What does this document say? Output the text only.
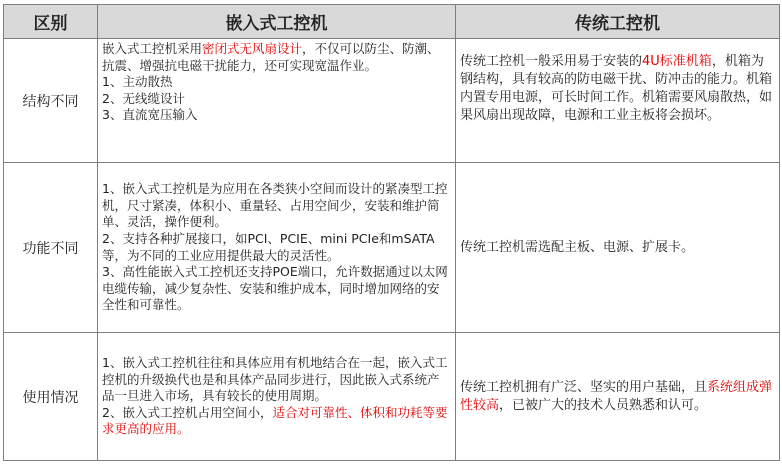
区别	嵌入式工控机	传统工控机
结构不同	嵌入式工控机采用密闭式无风扇设计，不仅可以防尘、防潮、抗震、增强抗电磁干扰能力，还可实现宽温作业。

1、主动散热

2、无线缆设计

3、直流宽压输入	传统工控机一般采用易于安装的4U标准机箱，机箱为钢结构，具有较高的防电磁干扰、防冲击的能力。机箱内置专用电源，可长时间工作。机箱需要风扇散热，如果风扇出现故障，电源和工业主板将会损坏。

功能不同	1、嵌入式工控机是为应用在各类狭小空间而设计的紧凑型工控机，尺寸紧凑，体积小、重量轻、占用空间少，安装和维护简单、灵活，操作便利。

2、支持各种扩展接口，如PCI、PCIE、mini PCIe和mSATA等，为不同的工业应用提供最大的灵活性。

3、高性能嵌入式工控机还支持POE端口，允许数据通过以太网电缆传输，减少复杂性、安装和维护成本，同时增加网络的安全性和可靠性。	传统工控机需选配主板、电源、扩展卡。

使用情况	1、嵌入式工控机往往和具体应用有机地结合在一起，嵌入式工控机的升级换代也是和具体产品同步进行，因此嵌入式系统产品一旦进入市场，具有较长的使用周期。

2、嵌入式工控机占用空间小，适合对可靠性、体积和功耗等要求更高的应用。	传统工控机拥有广泛、坚实的用户基础，且系统组成弹性较高，已被广大的技术人员熟悉和认可。
